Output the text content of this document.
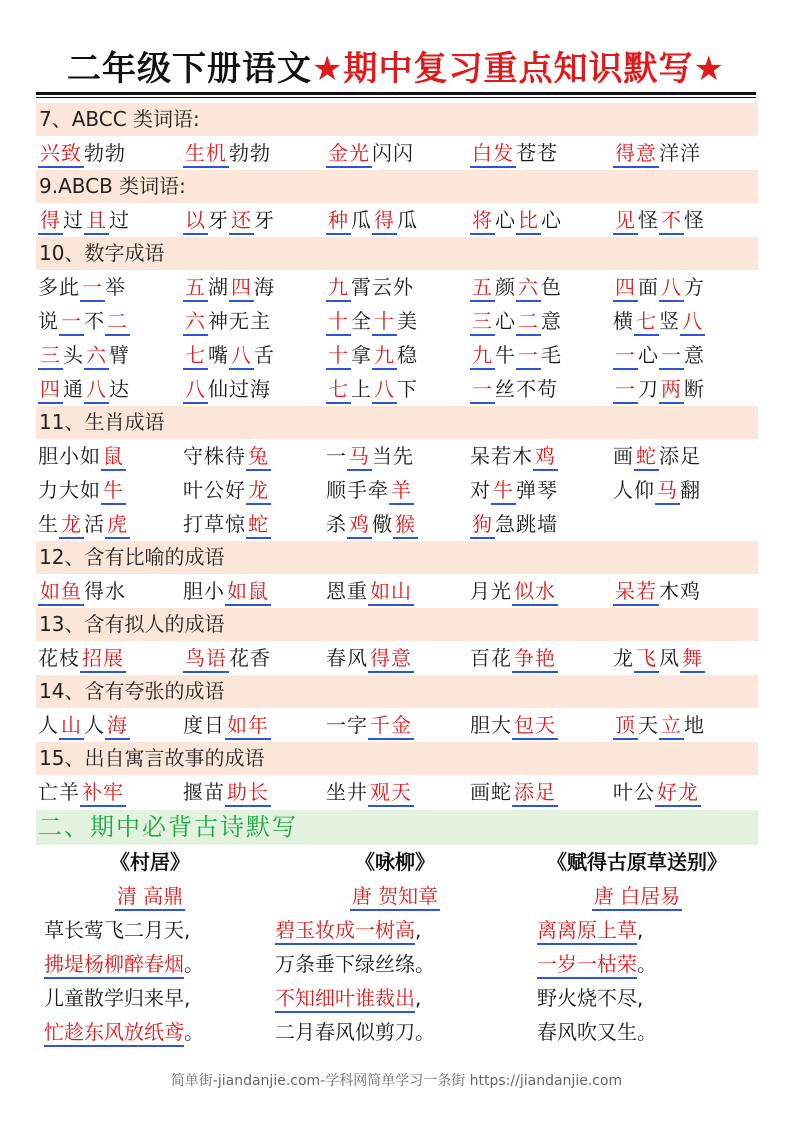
二年级下册语文★期中复习重点知识默写★
7、ABCC 类词语:
兴致 勃勃	生机 勃勃	金光 闪闪	白发 苍苍	得意 洋洋
9.ABCB 类词语:
得 过 且 过	以 牙 还 牙	种 瓜 得 瓜	将 心 比 心	见 怪 不 怪
10、数字成语
多此 一 举	五 湖 四 海	九 霄云外	五 颜 六 色	四 面 八 方
说 一 不 二	六 神无主	十 全 十 美	三 心 二 意	横 七 竖 八
三 头 六 臂	七 嘴 八 舌	十 拿 九 稳	九 牛 一 毛	一 心 一 意
四 通 八 达	八 仙过海	七 上 八 下	一 丝不苟	一 刀 两 断
11、生肖成语
胆小如 鼠	守株待 兔	一 马 当先	呆若木 鸡	画 蛇 添足
力大如 牛	叶公好 龙	顺手牵 羊	对 牛 弹琴	人仰 马 翻
生 龙 活 虎	打草惊 蛇	杀 鸡 儆 猴	狗 急跳墙
12、含有比喻的成语
如鱼 得水	胆小 如鼠	恩重 如山	月光 似水	呆若 木鸡
13、含有拟人的成语
花枝 招展	鸟语 花香	春风 得意	百花 争艳	龙 飞 凤 舞
14、含有夸张的成语
人 山 人 海	度日 如年	一字 千金	胆大 包天	顶 天 立 地
15、出自寓言故事的成语
亡羊 补牢	揠苗 助长	坐井 观天	画蛇 添足	叶公 好龙
二、期中必背古诗默写
《村居》
清 高鼎
草长莺飞二月天,
拂堤杨柳醉春烟。
儿童散学归来早,
忙趁东风放纸鸢。
《咏柳》
唐 贺知章
碧玉妆成一树高,
万条垂下绿丝绦。
不知细叶谁裁出,
二月春风似剪刀。
《赋得古原草送别》
唐 白居易
离离原上草,
一岁一枯荣。
野火烧不尽,
春风吹又生。
简单街-jiandanjie.com-学科网简单学习一条街 https://jiandanjie.com
